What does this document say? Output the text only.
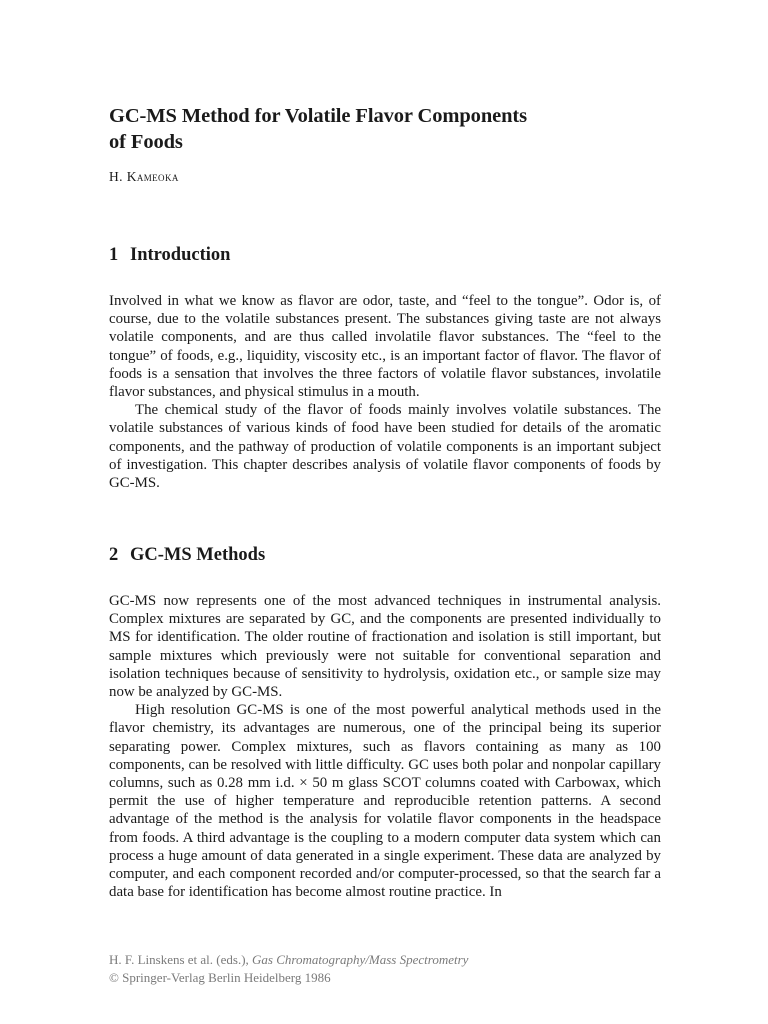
GC-MS Method for Volatile Flavor Components
of Foods

H. Kameoka

1 Introduction

Involved in what we know as flavor are odor, taste, and “feel to the tongue”. Odor is, of course, due to the volatile substances present. The substances giving taste are not always volatile components, and are thus called involatile flavor substances. The “feel to the tongue” of foods, e.g., liquidity, viscosity etc., is an important factor of flavor. The flavor of foods is a sensation that involves the three factors of volatile flavor substances, involatile flavor substances, and physical stimulus in a mouth.

The chemical study of the flavor of foods mainly involves volatile substances. The volatile substances of various kinds of food have been studied for details of the aromatic components, and the pathway of production of volatile components is an important subject of investigation. This chapter describes analysis of volatile flavor components of foods by GC-MS.

2 GC-MS Methods

GC-MS now represents one of the most advanced techniques in instrumental analysis. Complex mixtures are separated by GC, and the components are presented individually to MS for identification. The older routine of fractionation and isolation is still important, but sample mixtures which previously were not suitable for conventional separation and isolation techniques because of sensitivity to hydrolysis, oxidation etc., or sample size may now be analyzed by GC-MS.

High resolution GC-MS is one of the most powerful analytical methods used in the flavor chemistry, its advantages are numerous, one of the principal being its superior separating power. Complex mixtures, such as flavors containing as many as 100 components, can be resolved with little difficulty. GC uses both polar and nonpolar capillary columns, such as 0.28 mm i.d. × 50 m glass SCOT columns coated with Carbowax, which permit the use of higher temperature and reproducible retention patterns. A second advantage of the method is the analysis for volatile flavor components in the headspace from foods. A third advantage is the coupling to a modern computer data system which can process a huge amount of data generated in a single experiment. These data are analyzed by computer, and each component recorded and/or computer-processed, so that the search far a data base for identification has become almost routine practice. In

H. F. Linskens et al. (eds.), Gas Chromatography/Mass Spectrometry
© Springer-Verlag Berlin Heidelberg 1986
